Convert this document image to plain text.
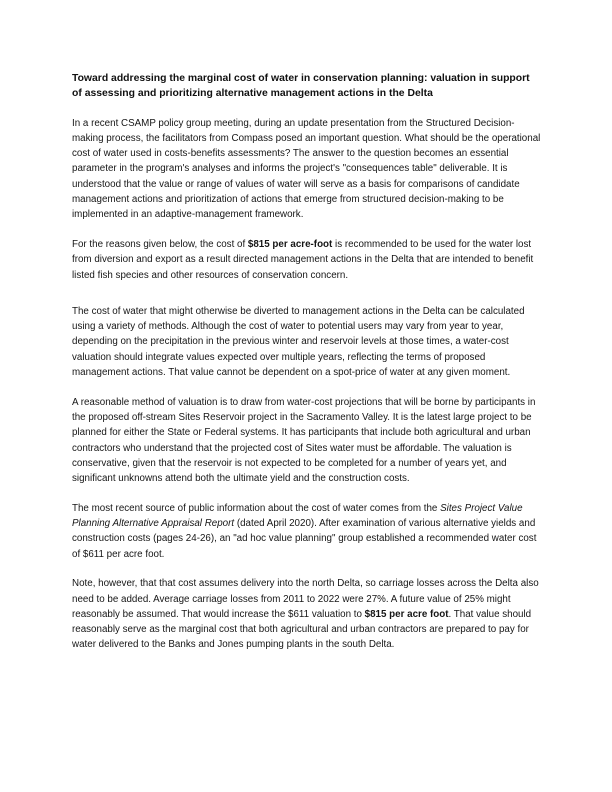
Toward addressing the marginal cost of water in conservation planning: valuation in support of assessing and prioritizing alternative management actions in the Delta

In a recent CSAMP policy group meeting, during an update presentation from the Structured Decision-making process, the facilitators from Compass posed an important question. What should be the operational cost of water used in costs-benefits assessments? The answer to the question becomes an essential parameter in the program's analyses and informs the project's "consequences table" deliverable. It is understood that the value or range of values of water will serve as a basis for comparisons of candidate management actions and prioritization of actions that emerge from structured decision-making to be implemented in an adaptive-management framework.

For the reasons given below, the cost of $815 per acre-foot is recommended to be used for the water lost from diversion and export as a result directed management actions in the Delta that are intended to benefit listed fish species and other resources of conservation concern.

The cost of water that might otherwise be diverted to management actions in the Delta can be calculated using a variety of methods. Although the cost of water to potential users may vary from year to year, depending on the precipitation in the previous winter and reservoir levels at those times, a water-cost valuation should integrate values expected over multiple years, reflecting the terms of proposed management actions. That value cannot be dependent on a spot-price of water at any given moment.

A reasonable method of valuation is to draw from water-cost projections that will be borne by participants in the proposed off-stream Sites Reservoir project in the Sacramento Valley. It is the latest large project to be planned for either the State or Federal systems. It has participants that include both agricultural and urban contractors who understand that the projected cost of Sites water must be affordable. The valuation is conservative, given that the reservoir is not expected to be completed for a number of years yet, and significant unknowns attend both the ultimate yield and the construction costs.

The most recent source of public information about the cost of water comes from the Sites Project Value Planning Alternative Appraisal Report (dated April 2020). After examination of various alternative yields and construction costs (pages 24-26), an "ad hoc value planning" group established a recommended water cost of $611 per acre foot.

Note, however, that that cost assumes delivery into the north Delta, so carriage losses across the Delta also need to be added. Average carriage losses from 2011 to 2022 were 27%. A future value of 25% might reasonably be assumed. That would increase the $611 valuation to $815 per acre foot. That value should reasonably serve as the marginal cost that both agricultural and urban contractors are prepared to pay for water delivered to the Banks and Jones pumping plants in the south Delta.
